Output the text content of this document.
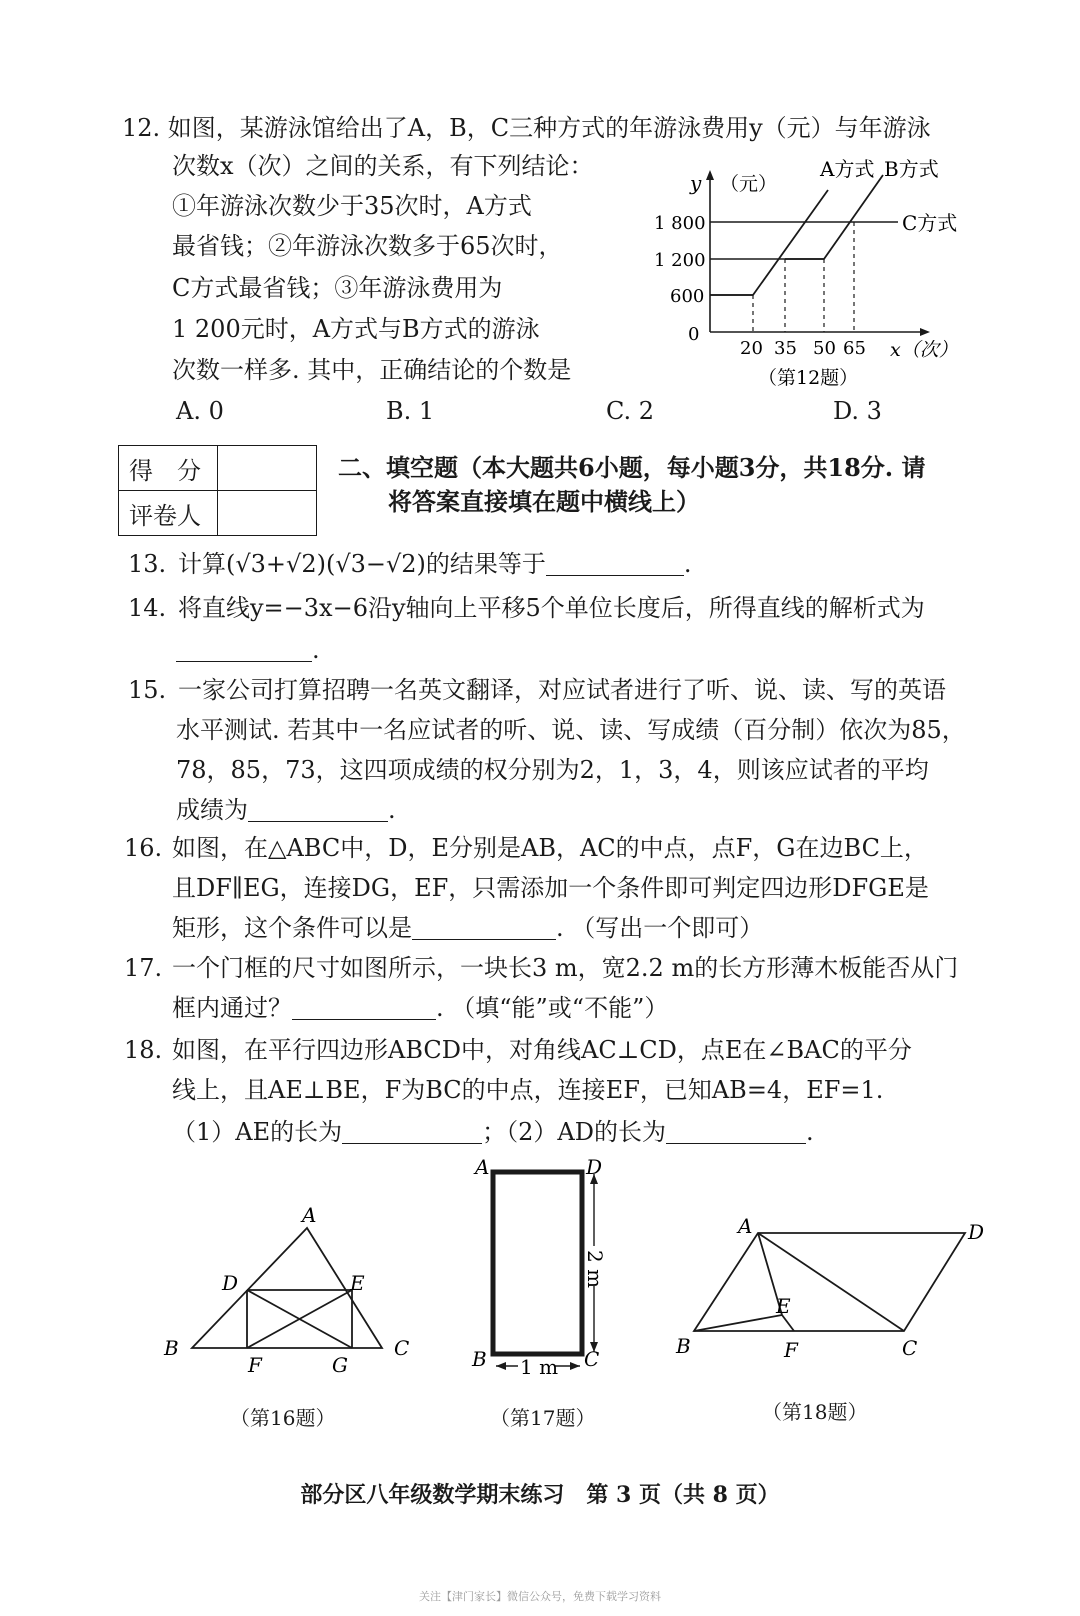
12. 如图，某游泳馆给出了A，B，C三种方式的年游泳费用y（元）与年游泳
次数x（次）之间的关系，有下列结论：
①年游泳次数少于35次时，A方式
最省钱；②年游泳次数多于65次时，
C方式最省钱；③年游泳费用为
1 200元时，A方式与B方式的游泳
次数一样多. 其中，正确结论的个数是
A. 0	B. 1	C. 2	D. 3
y （元）
A方式 B方式
C方式
1 800
1 200
600
0
20 35 50 65 x（次）
（第12题）
得　分	
评卷人	
二、填空题（本大题共6小题，每小题3分，共18分. 请
将答案直接填在题中横线上）
13. 计算(√3+√2)(√3−√2)的结果等于	.
14. 将直线y=−3x−6沿y轴向上平移5个单位长度后，所得直线的解析式为
.
15. 一家公司打算招聘一名英文翻译，对应试者进行了听、说、读、写的英语
水平测试. 若其中一名应试者的听、说、读、写成绩（百分制）依次为85，
78，85，73，这四项成绩的权分别为2，1，3，4，则该应试者的平均
成绩为	.
16. 如图，在△ABC中，D，E分别是AB，AC的中点，点F，G在边BC上，
且DF∥EG，连接DG，EF，只需添加一个条件即可判定四边形DFGE是
矩形，这个条件可以是	. （写出一个即可）
17. 一个门框的尺寸如图所示，一块长3 m，宽2.2 m的长方形薄木板能否从门
框内通过？	. （填“能”或“不能”）
18. 如图，在平行四边形ABCD中，对角线AC⊥CD，点E在∠BAC的平分
线上，且AE⊥BE，F为BC的中点，连接EF，已知AB=4，EF=1.
（1）AE的长为	；（2）AD的长为	.
A
B	C
D	E
F	G
（第16题）
2 m
1 m
A	D
B	C
（第17题）
A	D
B	C
E
F
（第18题）
部分区八年级数学期末练习　第 3 页（共 8 页）
关注【津门家长】微信公众号，免费下载学习资料
